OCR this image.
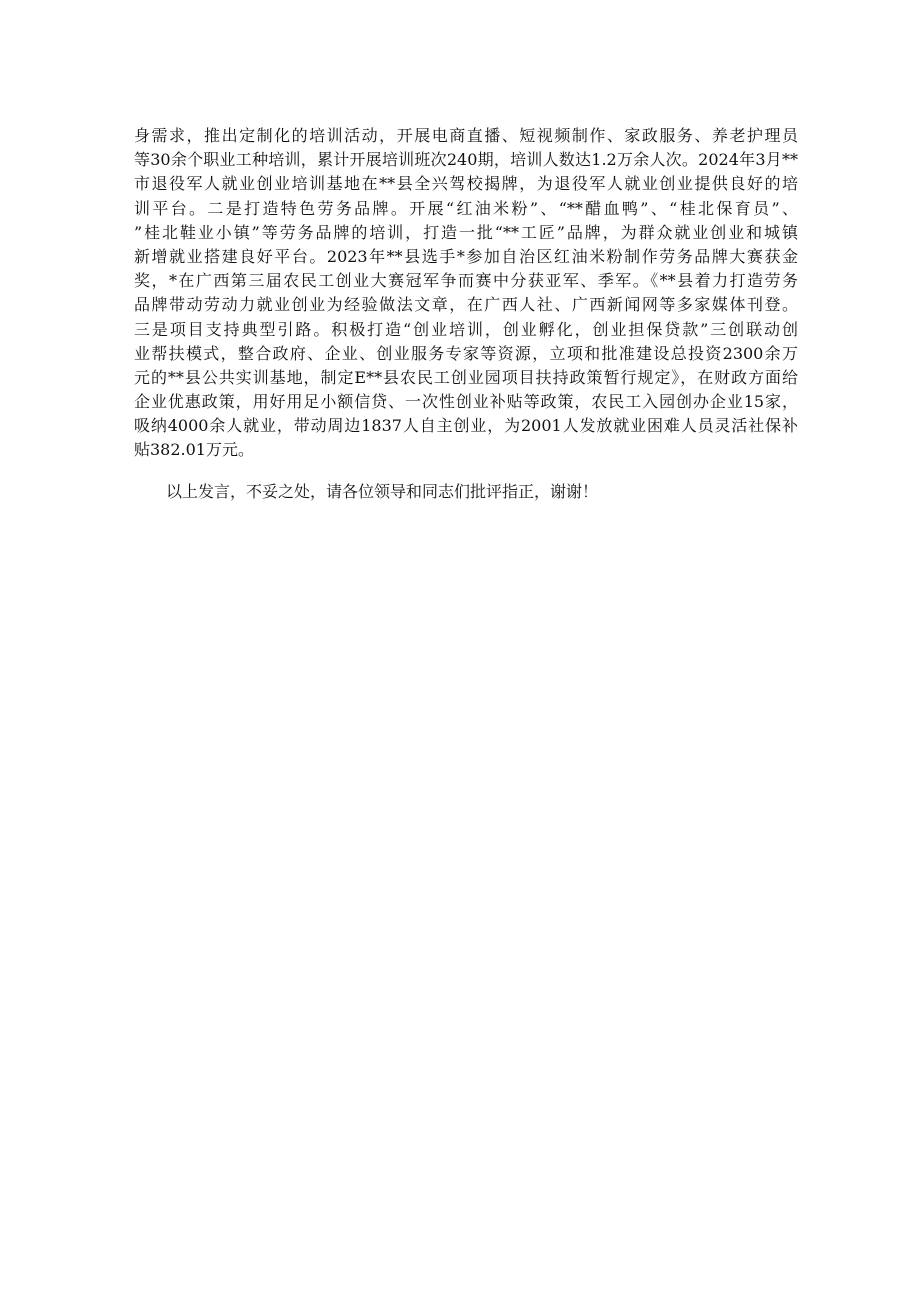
身需求，推出定制化的培训活动，开展电商直播、短视频制作、家政服务、养老护理员
等30余个职业工种培训，累计开展培训班次240期，培训人数达1.2万余人次。2024年3月**
市退役军人就业创业培训基地在**县全兴驾校揭牌，为退役军人就业创业提供良好的培
训平台。二是打造特色劳务品牌。开展“红油米粉”、“**醋血鸭”、“桂北保育员”、
”桂北鞋业小镇”等劳务品牌的培训，打造一批“**工匠”品牌，为群众就业创业和城镇
新增就业搭建良好平台。2023年**县选手*参加自治区红油米粉制作劳务品牌大赛获金
奖，*在广西第三届农民工创业大赛冠军争而赛中分获亚军、季军。《**县着力打造劳务
品牌带动劳动力就业创业为经验做法文章，在广西人社、广西新闻网等多家媒体刊登。
三是项目支持典型引路。积极打造“创业培训，创业孵化，创业担保贷款”三创联动创
业帮扶模式，整合政府、企业、创业服务专家等资源，立项和批准建设总投资2300余万
元的**县公共实训基地，制定E**县农民工创业园项目扶持政策暂行规定》，在财政方面给
企业优惠政策，用好用足小额信贷、一次性创业补贴等政策，农民工入园创办企业15家，
吸纳4000余人就业，带动周边1837人自主创业，为2001人发放就业困难人员灵活社保补
贴382.01万元。
以上发言，不妥之处，请各位领导和同志们批评指正，谢谢！
